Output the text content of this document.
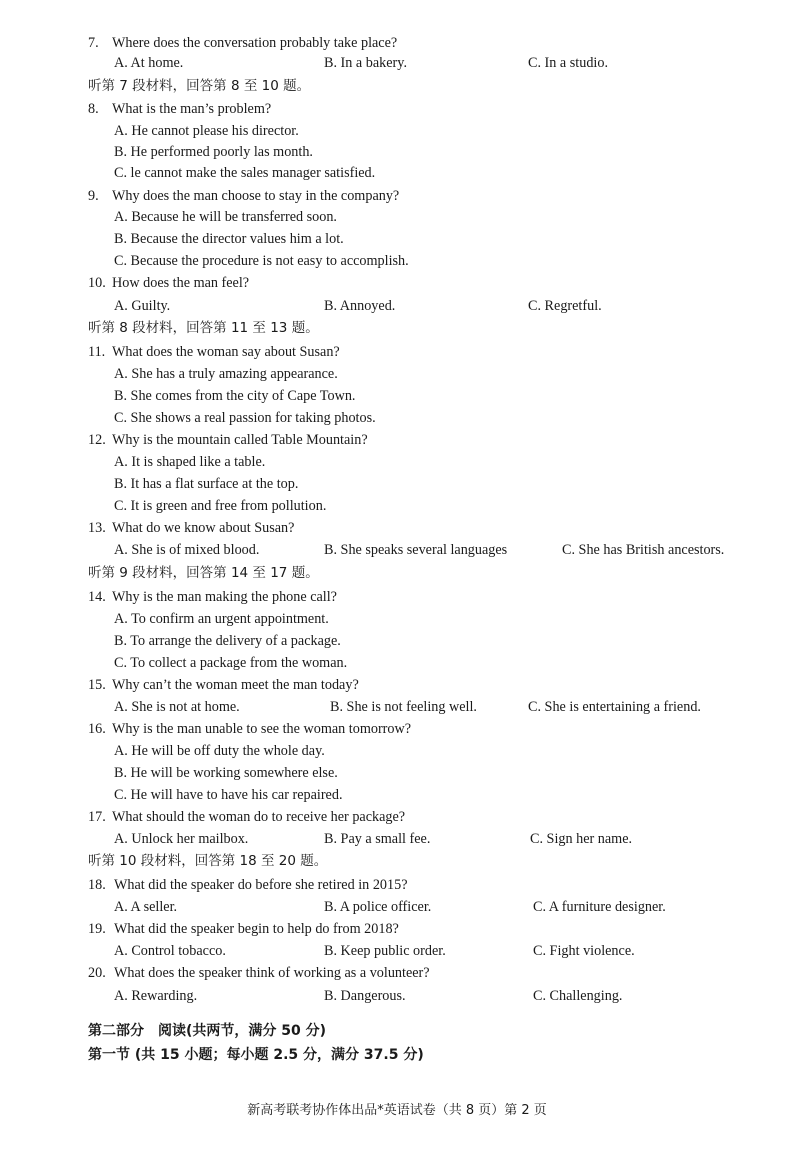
7. Where does the conversation probably take place?
A. At home.	B. In a bakery.	C. In a studio.
听第 7 段材料，回答第 8 至 10 题。
8. What is the man’s problem?
A. He cannot please his director.
B. He performed poorly las month.
C. le cannot make the sales manager satisfied.
9. Why does the man choose to stay in the company?
A. Because he will be transferred soon.
B. Because the director values him a lot.
C. Because the procedure is not easy to accomplish.
10. How does the man feel?
A. Guilty.	B. Annoyed.	C. Regretful.
听第 8 段材料，回答第 11 至 13 题。
11. What does the woman say about Susan?
A. She has a truly amazing appearance.
B. She comes from the city of Cape Town.
C. She shows a real passion for taking photos.
12. Why is the mountain called Table Mountain?
A. It is shaped like a table.
B. It has a flat surface at the top.
C. It is green and free from pollution.
13. What do we know about Susan?
A. She is of mixed blood.	B. She speaks several languages	C. She has British ancestors.
听第 9 段材料，回答第 14 至 17 题。
14. Why is the man making the phone call?
A. To confirm an urgent appointment.
B. To arrange the delivery of a package.
C. To collect a package from the woman.
15. Why can’t the woman meet the man today?
A. She is not at home.	B. She is not feeling well.	C. She is entertaining a friend.
16. Why is the man unable to see the woman tomorrow?
A. He will be off duty the whole day.
B. He will be working somewhere else.
C. He will have to have his car repaired.
17. What should the woman do to receive her package?
A. Unlock her mailbox.	B. Pay a small fee.	C. Sign her name.
听第 10 段材料，回答第 18 至 20 题。
18. What did the speaker do before she retired in 2015?
A. A seller.	B. A police officer.	C. A furniture designer.
19. What did the speaker begin to help do from 2018?
A. Control tobacco.	B. Keep public order.	C. Fight violence.
20. What does the speaker think of working as a volunteer?
A. Rewarding.	B. Dangerous.	C. Challenging.
第二部分　阅读(共两节，满分 50 分)
第一节 (共 15 小题；每小题 2.5 分，满分 37.5 分)
新高考联考协作体出品*英语试卷（共 8 页）第 2 页
